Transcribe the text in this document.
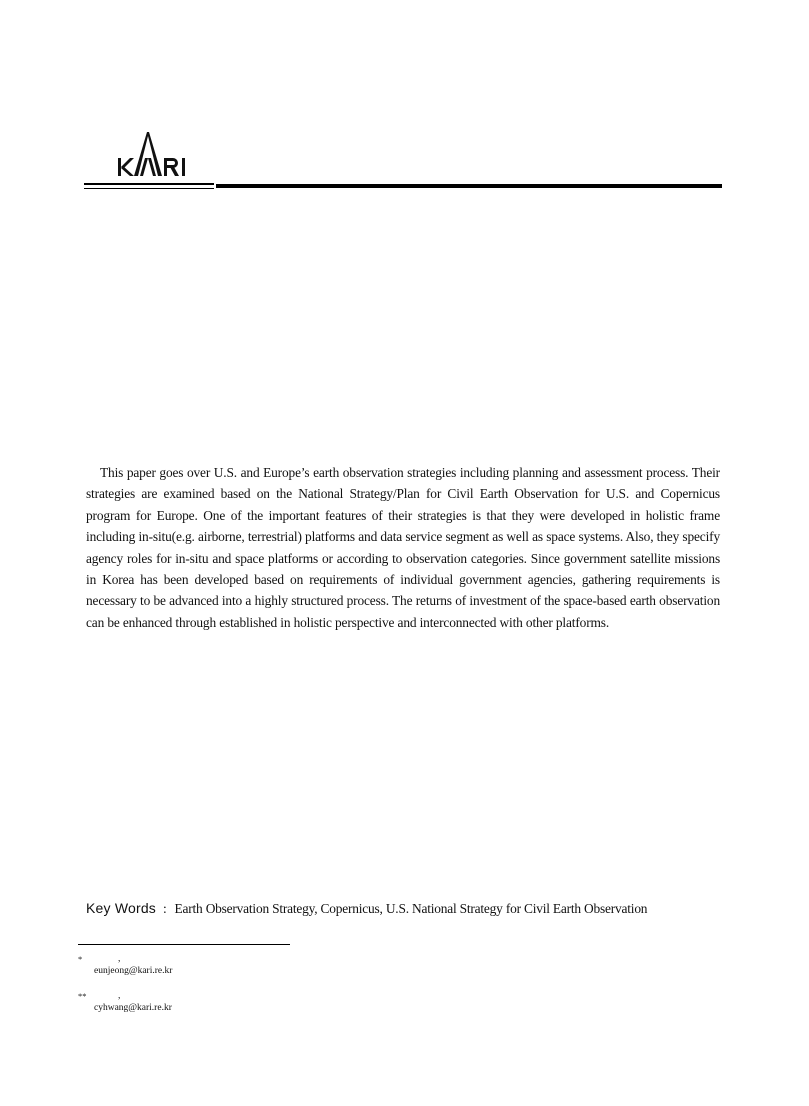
This paper goes over U.S. and Europe’s earth observation strategies including planning and assessment process. Their strategies are examined based on the National Strategy/Plan for Civil Earth Observation for U.S. and Copernicus program for Europe. One of the important features of their strategies is that they were developed in holistic frame including in-situ(e.g. airborne, terrestrial) platforms and data service segment as well as space systems. Also, they specify agency roles for in-situ and space platforms or according to observation categories. Since government satellite missions in Korea has been developed based on requirements of individual government agencies, gathering requirements is necessary to be advanced into a highly structured process. The returns of investment of the space-based earth observation can be enhanced through established in holistic perspective and interconnected with other platforms.

Key Words : Earth Observation Strategy, Copernicus, U.S. National Strategy for Civil Earth Observation
*	,
eunjeong@kari.re.kr
**	,
cyhwang@kari.re.kr
